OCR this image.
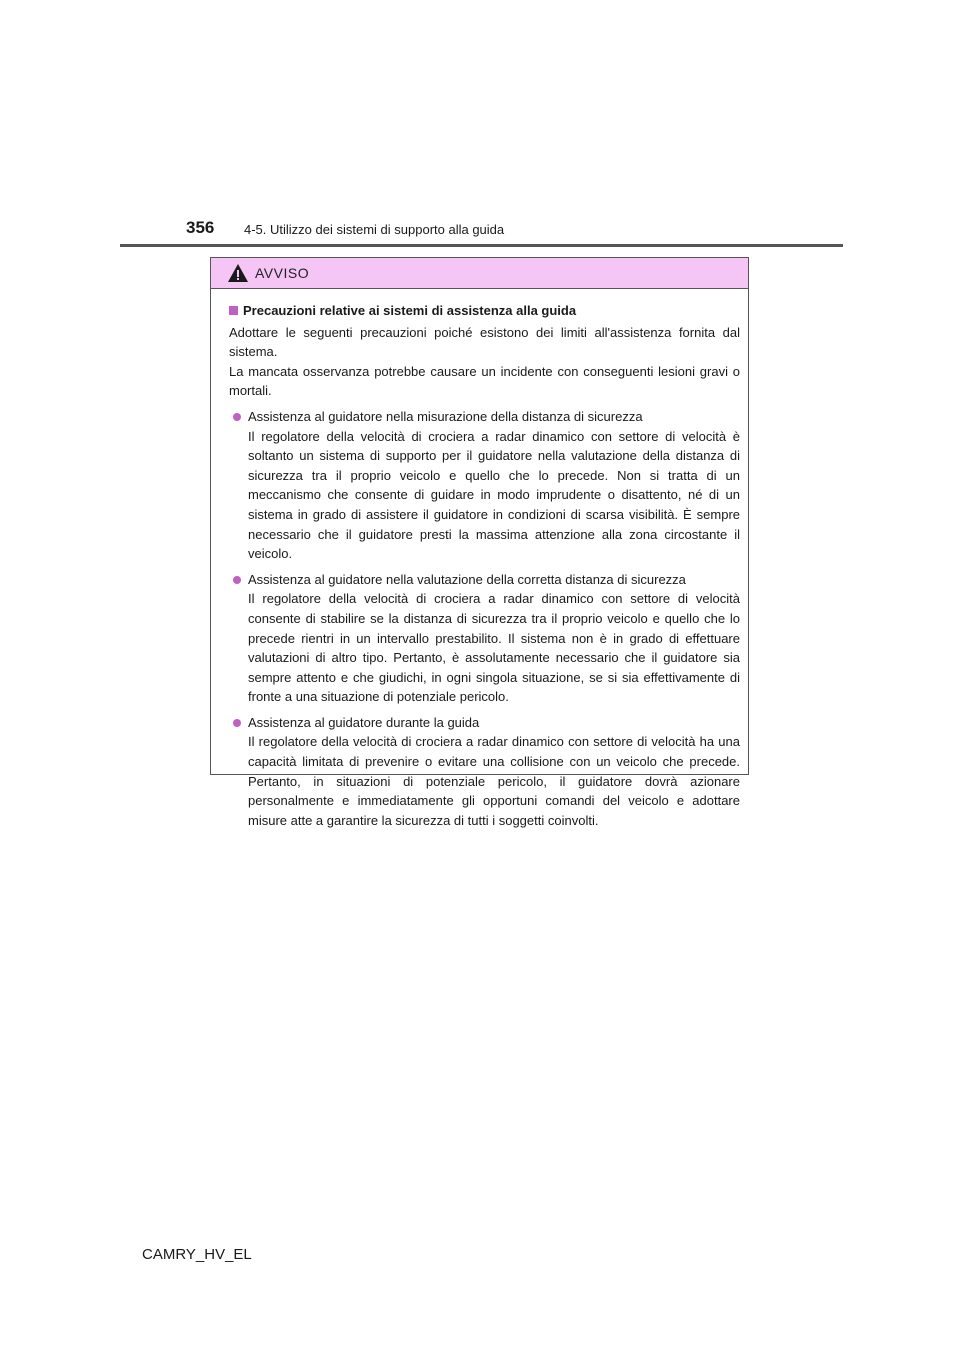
356 4-5. Utilizzo dei sistemi di supporto alla guida
AVVISO
Precauzioni relative ai sistemi di assistenza alla guida

Adottare le seguenti precauzioni poiché esistono dei limiti all'assistenza fornita dal sistema.

La mancata osservanza potrebbe causare un incidente con conseguenti lesioni gravi o mortali.

Assistenza al guidatore nella misurazione della distanza di sicurezza

Il regolatore della velocità di crociera a radar dinamico con settore di velocità è soltanto un sistema di supporto per il guidatore nella valutazione della distanza di sicurezza tra il proprio veicolo e quello che lo precede. Non si tratta di un meccanismo che consente di guidare in modo imprudente o disattento, né di un sistema in grado di assistere il guidatore in condizioni di scarsa visibilità. È sempre necessario che il guidatore presti la massima attenzione alla zona circostante il veicolo.

Assistenza al guidatore nella valutazione della corretta distanza di sicurezza

Il regolatore della velocità di crociera a radar dinamico con settore di velocità consente di stabilire se la distanza di sicurezza tra il proprio veicolo e quello che lo precede rientri in un intervallo prestabilito. Il sistema non è in grado di effettuare valutazioni di altro tipo. Pertanto, è assolutamente necessario che il guidatore sia sempre attento e che giudichi, in ogni singola situazione, se si sia effettivamente di fronte a una situazione di potenziale pericolo.

Assistenza al guidatore durante la guida

Il regolatore della velocità di crociera a radar dinamico con settore di velocità ha una capacità limitata di prevenire o evitare una collisione con un veicolo che precede. Pertanto, in situazioni di potenziale pericolo, il guidatore dovrà azionare personalmente e immediatamente gli opportuni comandi del veicolo e adottare misure atte a garantire la sicurezza di tutti i soggetti coinvolti.

CAMRY_HV_EL
